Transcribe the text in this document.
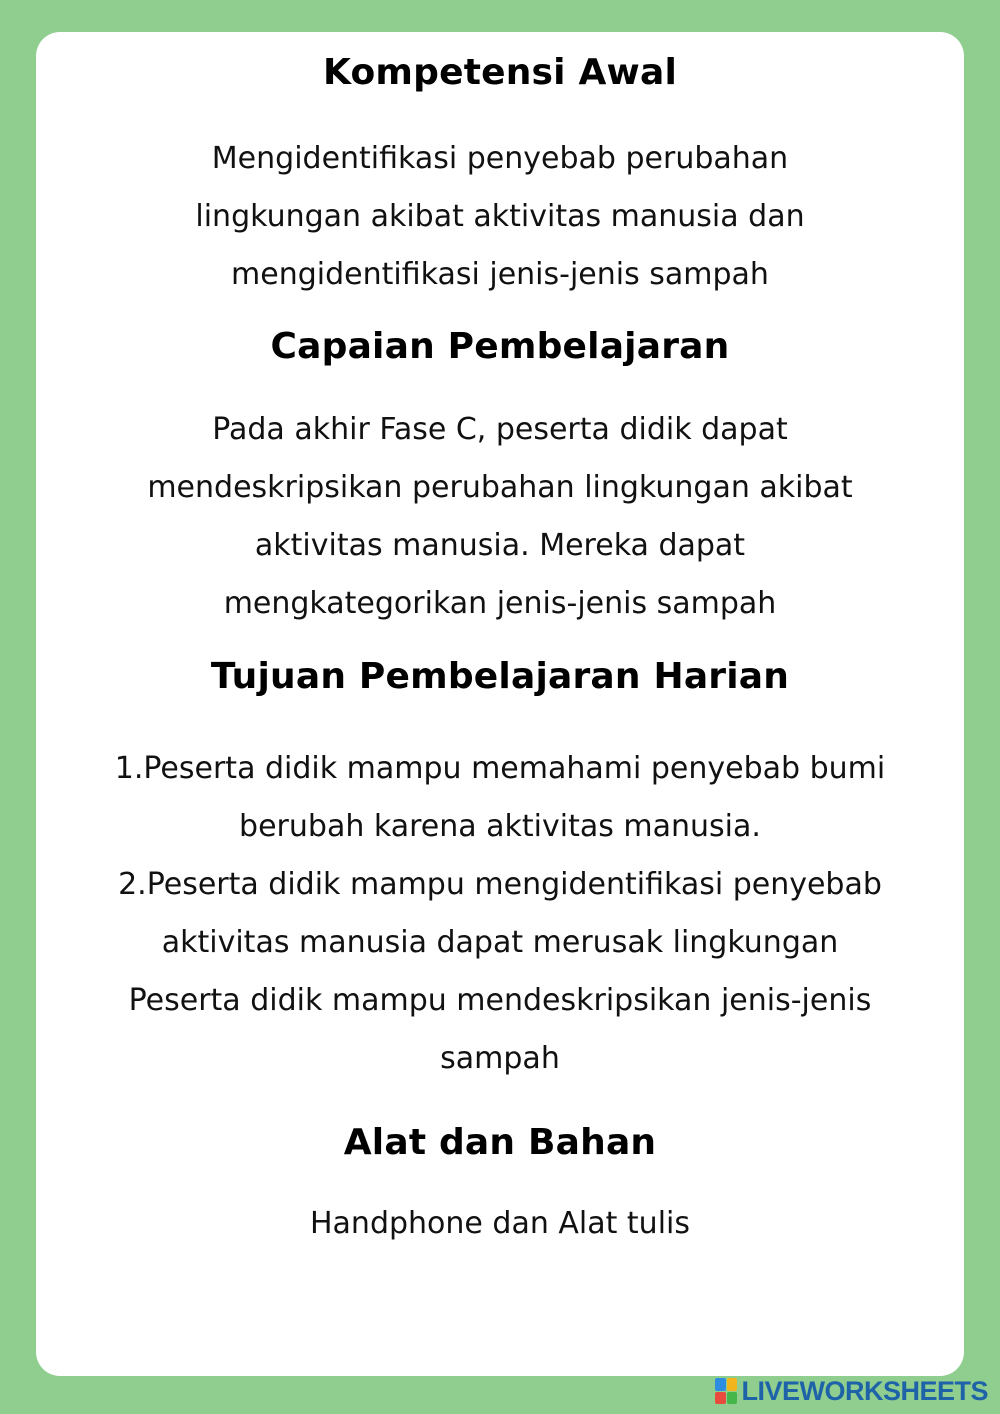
Kompetensi Awal
Mengidentifikasi penyebab perubahan
lingkungan akibat aktivitas manusia dan
mengidentifikasi jenis-jenis sampah
Capaian Pembelajaran
Pada akhir Fase C, peserta didik dapat
mendeskripsikan perubahan lingkungan akibat
aktivitas manusia. Mereka dapat
mengkategorikan jenis-jenis sampah
Tujuan Pembelajaran Harian
1.Peserta didik mampu memahami penyebab bumi
berubah karena aktivitas manusia.
2.Peserta didik mampu mengidentifikasi penyebab
aktivitas manusia dapat merusak lingkungan
Peserta didik mampu mendeskripsikan jenis-jenis
sampah
Alat dan Bahan
Handphone dan Alat tulis
LIVEWORKSHEETS
